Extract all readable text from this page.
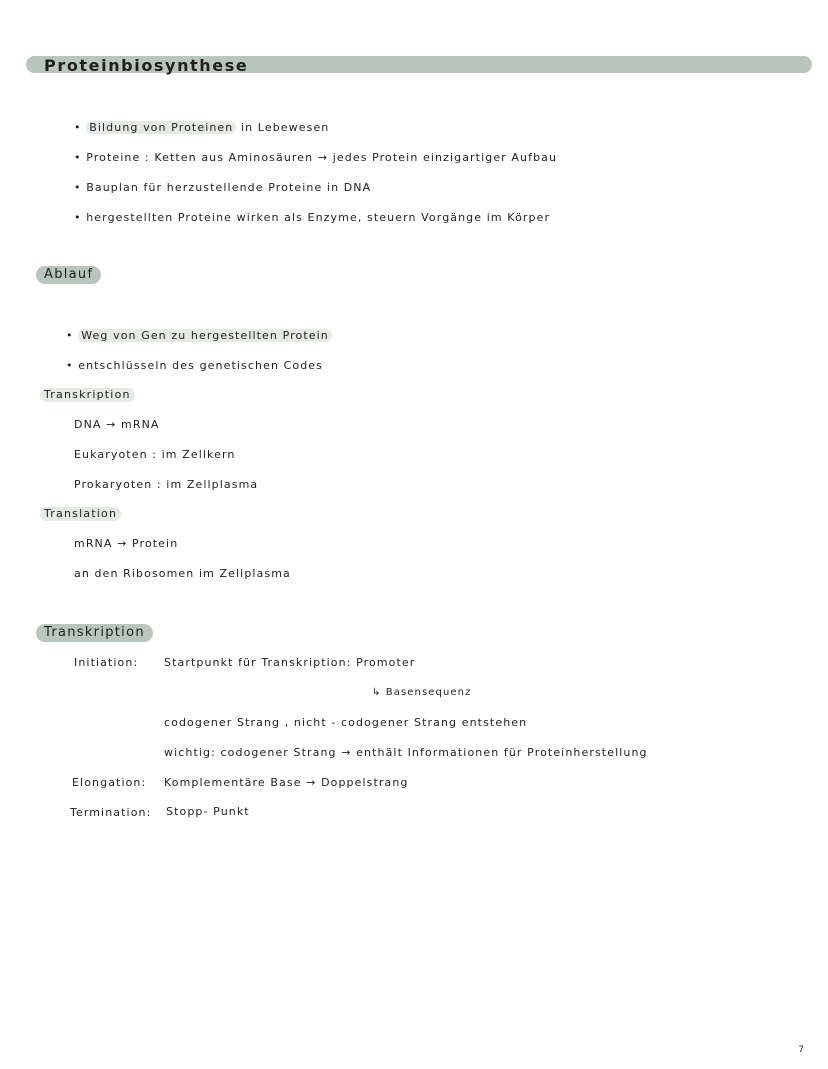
Proteinbiosynthese
• Bildung von Proteinen in Lebewesen
• Proteine : Ketten aus Aminosäuren → jedes Protein einzigartiger Aufbau
• Bauplan für herzustellende Proteine in DNA
• hergestellten Proteine wirken als Enzyme, steuern Vorgänge im Körper
Ablauf
• Weg von Gen zu hergestellten Protein
• entschlüsseln des genetischen Codes
Transkription
DNA → mRNA
Eukaryoten : im Zellkern
Prokaryoten : im Zellplasma
Translation
mRNA → Protein
an den Ribosomen im Zellplasma
Transkription
Initiation: Startpunkt für Transkription: Promoter
↳ Basensequenz
codogener Strang , nicht - codogener Strang entstehen
wichtig: codogener Strang → enthält Informationen für Proteinherstellung
Elongation: Komplementäre Base → Doppelstrang
Termination: Stopp- Punkt
7
